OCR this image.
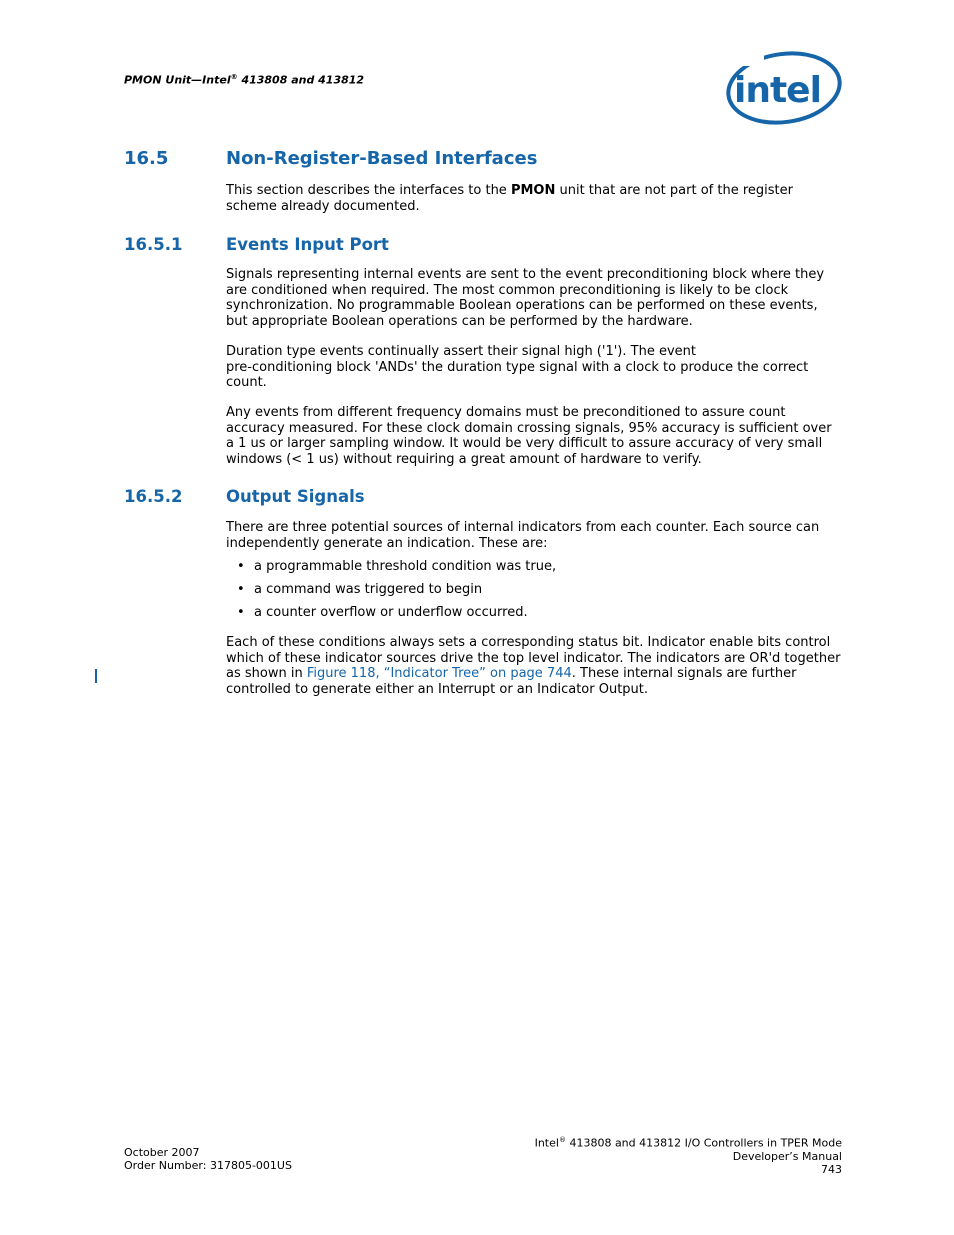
PMON Unit—Intel® 413808 and 413812	intel
16.5	Non-Register-Based Interfaces
This section describes the interfaces to the PMON unit that are not part of the register scheme already documented.
16.5.1	Events Input Port
Signals representing internal events are sent to the event preconditioning block where they are conditioned when required. The most common preconditioning is likely to be clock synchronization. No programmable Boolean operations can be performed on these events, but appropriate Boolean operations can be performed by the hardware.
Duration type events continually assert their signal high ('1'). The event
pre-conditioning block 'ANDs' the duration type signal with a clock to produce the correct count.
Any events from different frequency domains must be preconditioned to assure count accuracy measured. For these clock domain crossing signals, 95% accuracy is sufficient over a 1 us or larger sampling window. It would be very difficult to assure accuracy of very small windows (< 1 us) without requiring a great amount of hardware to verify.
16.5.2	Output Signals
There are three potential sources of internal indicators from each counter. Each source can independently generate an indication. These are:
• a programmable threshold condition was true,
• a command was triggered to begin
• a counter overflow or underflow occurred.
Each of these conditions always sets a corresponding status bit. Indicator enable bits control which of these indicator sources drive the top level indicator. The indicators are OR'd together as shown in Figure 118, “Indicator Tree” on page 744. These internal signals are further controlled to generate either an Interrupt or an Indicator Output.
October 2007
Order Number: 317805-001US
Intel® 413808 and 413812 I/O Controllers in TPER Mode
Developer’s Manual
743
